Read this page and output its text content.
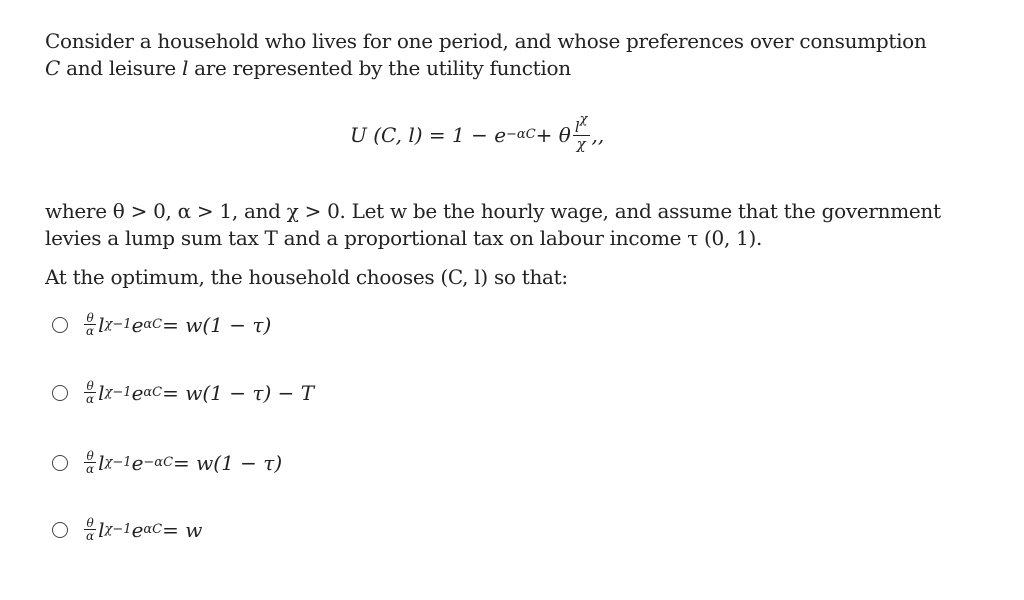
Consider a household who lives for one period, and whose preferences over consumption
C and leisure l are represented by the utility function
U (C, l) = 1 − e −αC + θ $\frac{l^\chi}{\chi}$ ,,
where θ > 0, α > 1, and χ > 0. Let w be the hourly wage, and assume that the government
levies a lump sum tax T and a proportional tax on labour income τ (0, 1).
At the optimum, the household chooses (C, l) so that:
$\frac{\theta}{\alpha}$ l χ−1 e αC = w(1 − τ)
$\frac{\theta}{\alpha}$ l χ−1 e αC = w(1 − τ) − T
$\frac{\theta}{\alpha}$ l χ−1 e −αC = w(1 − τ)
$\frac{\theta}{\alpha}$ l χ−1 e αC = w
